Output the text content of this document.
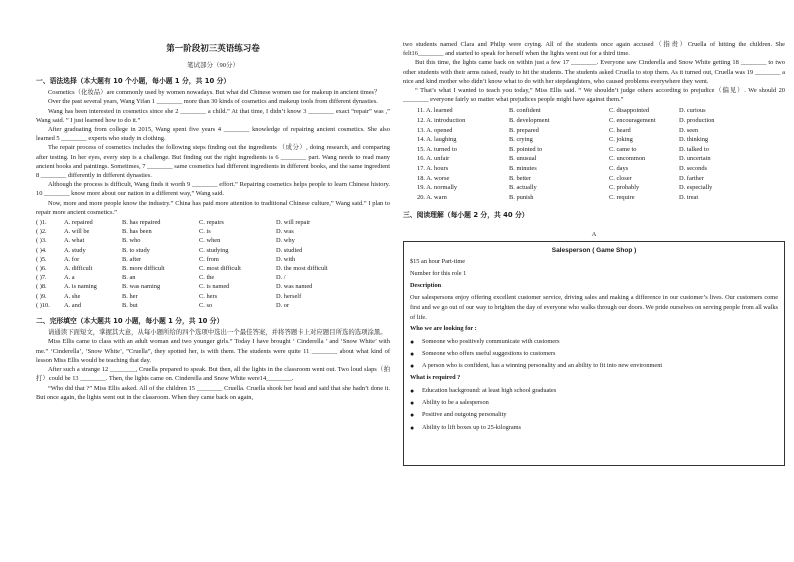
第一阶段初三英语练习卷
笔试部分（90分）
一、语法选择（本大题有 10 个小题，每小题 1 分，共 10 分）

Cosmetics（化妆品）are commonly used by women nowadays. But what did Chinese women use for makeup in ancient times？

Over the past several years, Wang Yifan 1 ________ more than 30 kinds of cosmetics and makeup tools from different dynasties.

Wang has been interested in cosmetics since she 2 ________ a child.” At that time, I didn’t know 3 ________ exact “repair” was ,” Wang said. ” I just learned how to do it.”

After graduating from college in 2015, Wang spent five years 4 ________ knowledge of repairing ancient cosmetics. She also learned 5 ________ experts who study in clothing.

The repair process of cosmetics includes the following steps finding out the ingredients （成分）, doing research, and comparing after testing. In her eyes, every step is a challenge. But finding out the right ingredients is 6 ________ part. Wang needs to read many ancient books and paintings. Sometimes, 7 ________ same cosmetics had different ingredients in different books, and the same ingredient 8 ________ differently in different dynasties.

Although the process is difficult, Wang finds it worth 9 ________ effort.” Repairing cosmetics helps people to learn Chinese history. 10 ________ know more about our nation in a different way,” Wang said.

Now, more and more people know the industry.” China has paid more attention to traditional Chinese culture,” Wang said.” I plan to repair more ancient cosmetics.”

( )1.	A. repaired	B. has repaired	C. repairs	D. will repair
( )2.	A. will be	B. has been	C. is	D. was
( )3.	A. what	B. who	C. when	D. why
( )4.	A. study	B. to study	C. studying	D. studied
( )5.	A. for	B. after	C. from	D. with
( )6.	A. difficult	B. more difficult	C. most difficult	D. the most difficult
( )7.	A. a	B. an	C. the	D. /
( )8.	A. is naming	B. was naming	C. is named	D. was named
( )9.	A. she	B. her	C. hers	D. herself
( )10.	A. and	B. but	C. so	D. or
二、完形填空（本大题共 10 小题，每小题 1 分，共 10 分）

请通读下面短文，掌握其大意，从每小题所给的四个选项中选出一个最佳答案，并将答题卡上对应题目所选的选项涂黑。

Miss Ellis came to class with an adult woman and two younger girls.” Today I have brought ‘ Cinderella ’ and ‘Snow White’ with me.” ‘Cinderella’, ‘Snow White’, ”Cruella”, they spotted her, is with them. The students were quite 11 ________ about what kind of lesson Miss Ellis would be teaching that day.

After such a strange 12 ________, Cruella prepared to speak. But then, all the lights in the classroom went out. Two loud slaps（拍打）could be 13 ________. Then, the lights came on. Cinderella and Snow White were14________.

“Who did that ?” Miss Ellis asked. All of the children 15 ________ Cruella. Cruella shook her head and said that she hadn’t done it. But once again, the lights went out in the classroom. When they came back on again,

two students named Clara and Philip were crying. All of the students once again accused（指责）Cruella of hitting the children. She felt16________ and started to speak for herself when the lights went out for a third time.

But this time, the lights came back on within just a few 17 ________. Everyone saw Cinderella and Snow White getting 18 ________ to two other students with their arms raised, ready to hit the students. The students asked Cruella to stop them. As it turned out, Cruella was 19 ________ a nice and kind mother who didn’t know what to do with her stepdaughters, who caused problems everywhere they went.

“ That’s what I wanted to teach you today,” Miss Ellis said. “ We shouldn’t judge others according to prejudice（偏见）. We should 20 ________ everyone fairly so matter what prejudices people might have against them.”

11. A. learned	B. confident	C. disappointed	D. curious
12. A. introduction	B. development	C. encouragement	D. production
13. A. opened	B. prepared	C. heard	D. seen
14. A. laughing	B. crying	C. joking	D. thinking
15. A. turned to	B. pointed to	C. came to	D. talked to
16. A. unfair	B. unusual	C. uncommon	D. uncertain
17. A. hours	B. minutes	C. days	D. seconds
18. A. worse	B. better	C. closer	D. farther
19. A. normally	B. actually	C. probably	D. especially
20. A. warn	B. punish	C. require	D. treat
三、阅读理解（每小题 2 分，共 40 分）
A
Salesperson ( Game Shop )
$15 an hour Part-time
Number for this role 1
Description
Our salespersons enjoy offering excellent customer service, driving sales and making a difference in our customer’s lives. Our customers come first and we go out of our way to brighten the day of everyone who walks through our doors. We pride ourselves on serving people from all walks of life.
Who we are looking for :
●	Someone who positively communicate with customers
●	Someone who offers useful suggestions to customers
●	A person who is confident, has a winning personality and an ability to fit into new environment
What is required ?
●	Education background: at least high school graduates
●	Ability to be a salesperson
●	Positive and outgoing personality
●	Ability to lift boxes up to 25-kilograms
